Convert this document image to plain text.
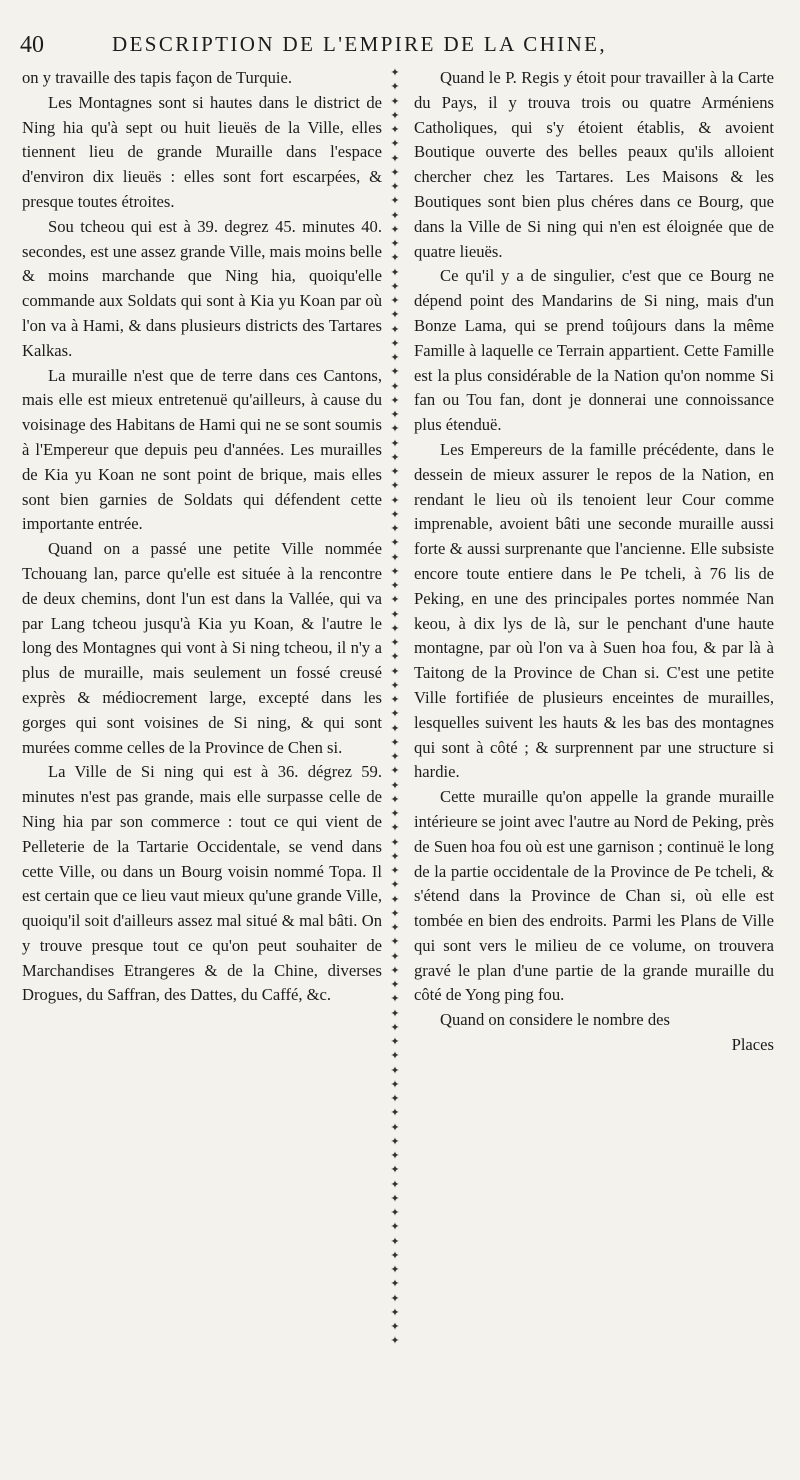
40	DESCRIPTION DE L'EMPIRE DE LA CHINE,

on y travaille des tapis façon de Turquie.

Les Montagnes sont si hautes dans le district de Ning hia qu'à sept ou huit lieuës de la Ville, elles tiennent lieu de grande Muraille dans l'espace d'environ dix lieuës : elles sont fort escarpées, & presque toutes étroites.

Sou tcheou qui est à 39. degrez 45. minutes 40. secondes, est une assez grande Ville, mais moins belle & moins marchande que Ning hia, quoiqu'elle commande aux Soldats qui sont à Kia yu Koan par où l'on va à Hami, & dans plusieurs districts des Tartares Kalkas.

La muraille n'est que de terre dans ces Cantons, mais elle est mieux entretenuë qu'ailleurs, à cause du voisinage des Habitans de Hami qui ne se sont soumis à l'Empereur que depuis peu d'années. Les murailles de Kia yu Koan ne sont point de brique, mais elles sont bien garnies de Soldats qui défendent cette importante entrée.

Quand on a passé une petite Ville nommée Tchouang lan, parce qu'elle est située à la rencontre de deux chemins, dont l'un est dans la Vallée, qui va par Lang tcheou jusqu'à Kia yu Koan, & l'autre le long des Montagnes qui vont à Si ning tcheou, il n'y a plus de muraille, mais seulement un fossé creusé exprès & médiocrement large, excepté dans les gorges qui sont voisines de Si ning, & qui sont murées comme celles de la Province de Chen si.

La Ville de Si ning qui est à 36. dégrez 59. minutes n'est pas grande, mais elle surpasse celle de Ning hia par son commerce : tout ce qui vient de Pelleterie de la Tartarie Occidentale, se vend dans cette Ville, ou dans un Bourg voisin nommé Topa. Il est certain que ce lieu vaut mieux qu'une grande Ville, quoiqu'il soit d'ailleurs assez mal situé & mal bâti. On y trouve presque tout ce qu'on peut souhaiter de Marchandises Etrangeres & de la Chine, diverses Drogues, du Saffran, des Dattes, du Caffé, &c.

✦
✦
✦
✦
✦
✦
✦
✦
✦
✦
✦
✦
✦
✦
✦
✦
✦
✦
✦
✦
✦
✦
✦
✦
✦
✦
✦
✦
✦
✦
✦
✦
✦
✦
✦
✦
✦
✦
✦
✦
✦
✦
✦
✦
✦
✦
✦
✦
✦
✦
✦
✦
✦
✦
✦
✦
✦
✦
✦
✦
✦
✦
✦
✦
✦
✦
✦
✦
✦
✦
✦
✦
✦
✦
✦
✦
✦
✦
✦
✦
✦
✦
✦
✦
✦
✦
✦
✦
✦
✦

Quand le P. Regis y étoit pour travailler à la Carte du Pays, il y trouva trois ou quatre Arméniens Catholiques, qui s'y étoient établis, & avoient Boutique ouverte des belles peaux qu'ils alloient chercher chez les Tartares. Les Maisons & les Boutiques sont bien plus chéres dans ce Bourg, que dans la Ville de Si ning qui n'en est éloignée que de quatre lieuës.

Ce qu'il y a de singulier, c'est que ce Bourg ne dépend point des Mandarins de Si ning, mais d'un Bonze Lama, qui se prend toûjours dans la même Famille à laquelle ce Terrain appartient. Cette Famille est la plus considérable de la Nation qu'on nomme Si fan ou Tou fan, dont je donnerai une connoissance plus étenduë.

Les Empereurs de la famille précédente, dans le dessein de mieux assurer le repos de la Nation, en rendant le lieu où ils tenoient leur Cour comme imprenable, avoient bâti une seconde muraille aussi forte & aussi surprenante que l'ancienne. Elle subsiste encore toute entiere dans le Pe tcheli, à 76 lis de Peking, en une des principales portes nommée Nan keou, à dix lys de là, sur le penchant d'une haute montagne, par où l'on va à Suen hoa fou, & par là à Taitong de la Province de Chan si. C'est une petite Ville fortifiée de plusieurs enceintes de murailles, lesquelles suivent les hauts & les bas des montagnes qui sont à côté ; & surprennent par une structure si hardie.

Cette muraille qu'on appelle la grande muraille intérieure se joint avec l'autre au Nord de Peking, près de Suen hoa fou où est une garnison ; continuë le long de la partie occidentale de la Province de Pe tcheli, & s'étend dans la Province de Chan si, où elle est tombée en bien des endroits. Parmi les Plans de Ville qui sont vers le milieu de ce volume, on trouvera gravé le plan d'une partie de la grande muraille du côté de Yong ping fou.

Quand on considere le nombre des

Places
